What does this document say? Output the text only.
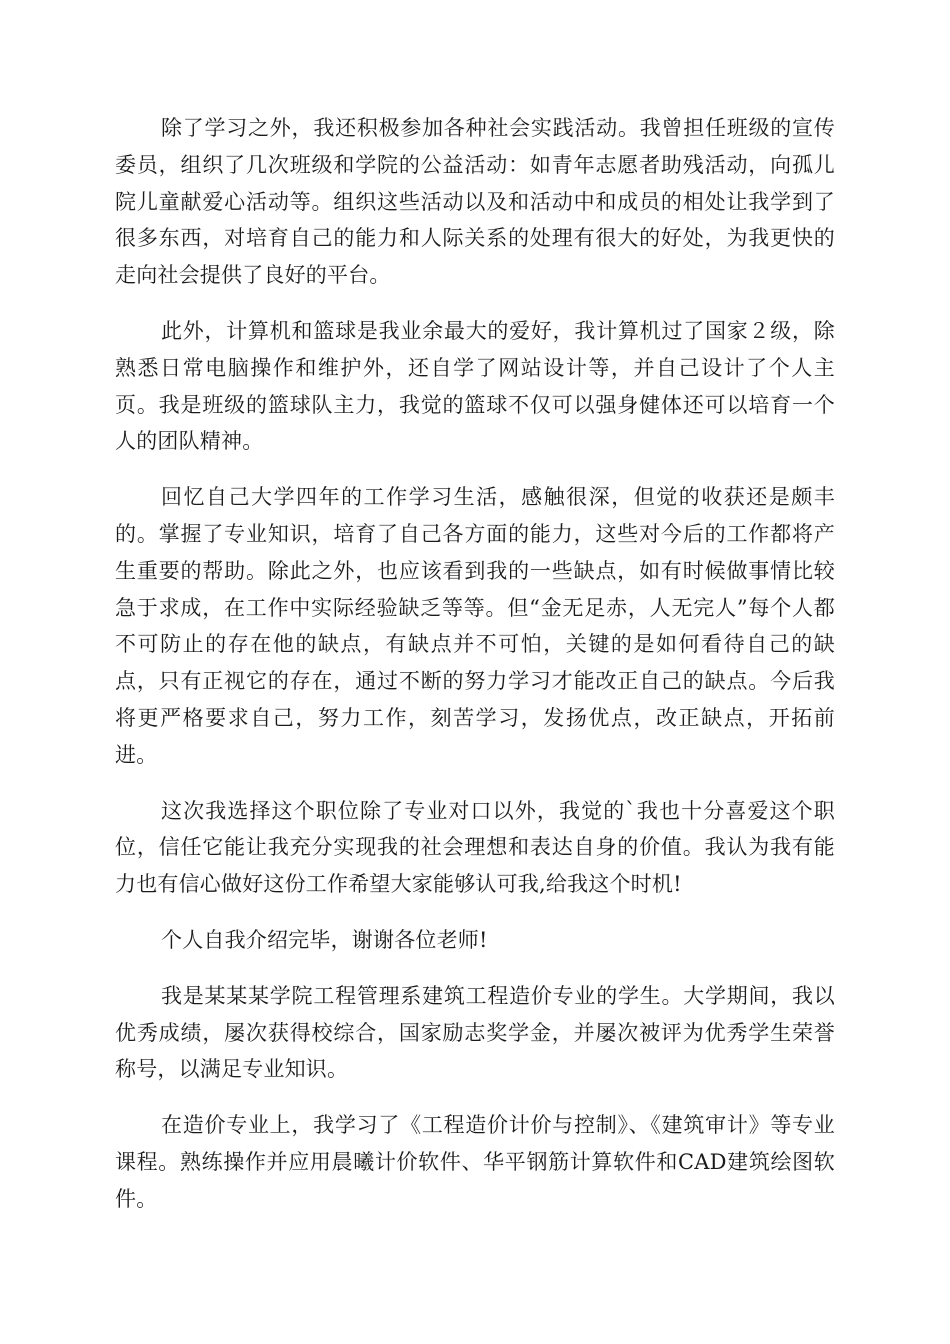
除了学习之外，我还积极参加各种社会实践活动。我曾担任班级的宣传委员，组织了几次班级和学院的公益活动：如青年志愿者助残活动，向孤儿院儿童献爱心活动等。组织这些活动以及和活动中和成员的相处让我学到了很多东西，对培育自己的能力和人际关系的处理有很大的好处，为我更快的走向社会提供了良好的平台。

此外，计算机和篮球是我业余最大的爱好，我计算机过了国家２级，除熟悉日常电脑操作和维护外，还自学了网站设计等，并自己设计了个人主页。我是班级的篮球队主力，我觉的篮球不仅可以强身健体还可以培育一个人的团队精神。

回忆自己大学四年的工作学习生活，感触很深，但觉的收获还是颇丰的。掌握了专业知识，培育了自己各方面的能力，这些对今后的工作都将产生重要的帮助。除此之外，也应该看到我的一些缺点，如有时候做事情比较急于求成，在工作中实际经验缺乏等等。但“金无足赤，人无完人”每个人都不可防止的存在他的缺点，有缺点并不可怕，关键的是如何看待自己的缺点，只有正视它的存在，通过不断的努力学习才能改正自己的缺点。今后我将更严格要求自己，努力工作，刻苦学习，发扬优点，改正缺点，开拓前进。

这次我选择这个职位除了专业对口以外，我觉的`我也十分喜爱这个职位，信任它能让我充分实现我的社会理想和表达自身的价值。我认为我有能力也有信心做好这份工作希望大家能够认可我,给我这个时机!

个人自我介绍完毕，谢谢各位老师!

我是某某某学院工程管理系建筑工程造价专业的学生。大学期间，我以优秀成绩，屡次获得校综合，国家励志奖学金，并屡次被评为优秀学生荣誉称号，以满足专业知识。

在造价专业上，我学习了《工程造价计价与控制》、《建筑审计》等专业课程。熟练操作并应用晨曦计价软件、华平钢筋计算软件和CAD建筑绘图软件。
